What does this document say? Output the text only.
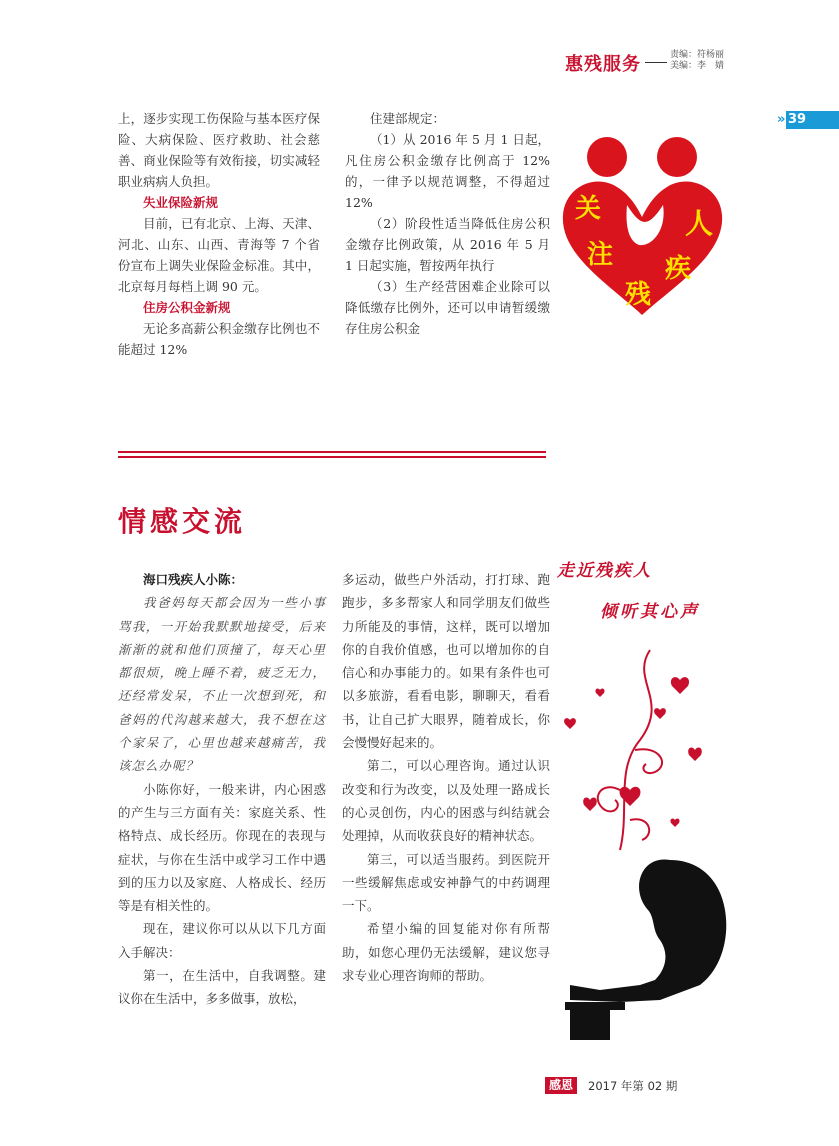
惠残服务	责编：符杨丽
美编：李　婧
» 39

上，逐步实现工伤保险与基本医疗保险、大病保险、医疗救助、社会慈善、商业保险等有效衔接，切实减轻职业病病人负担。

失业保险新规

目前，已有北京、上海、天津、河北、山东、山西、青海等 7 个省份宣布上调失业保险金标准。其中，北京每月每档上调 90 元。

住房公积金新规

无论多高薪公积金缴存比例也不能超过 12%

住建部规定：

（1）从 2016 年 5 月 1 日起，凡住房公积金缴存比例高于 12% 的，一律予以规范调整，不得超过 12%

（2）阶段性适当降低住房公积金缴存比例政策，从 2016 年 5 月 1 日起实施，暂按两年执行

（3）生产经营困难企业除可以降低缴存比例外，还可以申请暂缓缴存住房公积金

关
注
残
疾
人
情感交流
海口残疾人小陈：

我爸妈每天都会因为一些小事骂我，一开始我默默地接受，后来渐渐的就和他们顶撞了，每天心里都很烦，晚上睡不着，疲乏无力，还经常发呆，不止一次想到死，和爸妈的代沟越来越大，我不想在这个家呆了，心里也越来越痛苦，我该怎么办呢？

小陈你好，一般来讲，内心困惑的产生与三方面有关：家庭关系、性格特点、成长经历。你现在的表现与症状，与你在生活中或学习工作中遇到的压力以及家庭、人格成长、经历等是有相关性的。

现在，建议你可以从以下几方面入手解决：

第一，在生活中，自我调整。建议你在生活中，多多做事，放松，

多运动，做些户外活动，打打球、跑跑步，多多帮家人和同学朋友们做些力所能及的事情，这样，既可以增加你的自我价值感，也可以增加你的自信心和办事能力的。如果有条件也可以多旅游，看看电影，聊聊天，看看书，让自己扩大眼界，随着成长，你会慢慢好起来的。

第二，可以心理咨询。通过认识改变和行为改变，以及处理一路成长的心灵创伤，内心的困惑与纠结就会处理掉，从而收获良好的精神状态。

第三，可以适当服药。到医院开一些缓解焦虑或安神静气的中药调理一下。

希望小编的回复能对你有所帮助，如您心理仍无法缓解，建议您寻求专业心理咨询师的帮助。

走近残疾人
倾听其心声
感恩	2017 年第 02 期
